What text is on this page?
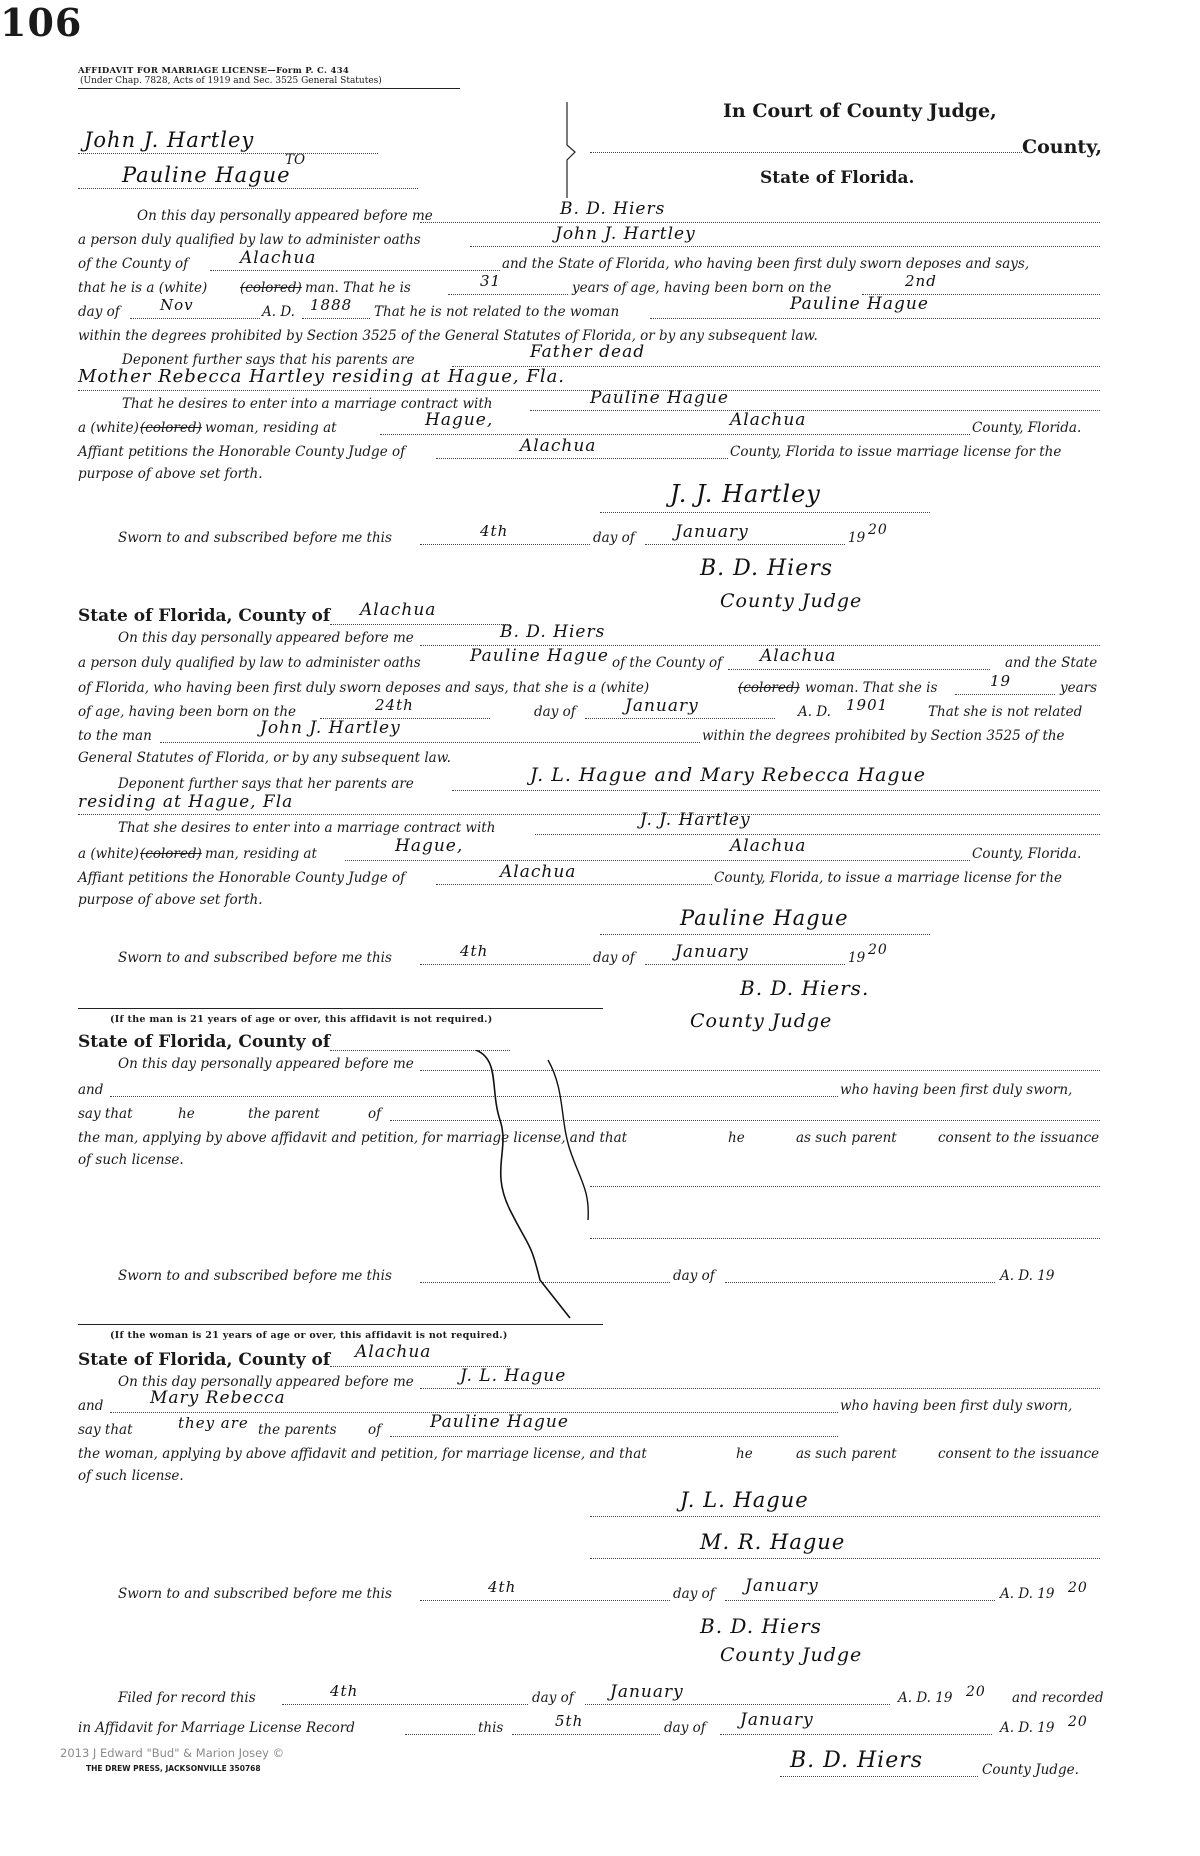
106
AFFIDAVIT FOR MARRIAGE LICENSE—Form P. C. 434
(Under Chap. 7828, Acts of 1919 and Sec. 3525 General Statutes)
In Court of County Judge,
County,
State of Florida.
John J. Hartley
TO
Pauline Hague
On this day personally appeared before me	B. D. Hiers
a person duly qualified by law to administer oaths	John J. Hartley
of the County of	Alachua	and the State of Florida, who having been first duly sworn deposes and says,
that he is a (white) (colored) man. That he is	31	years of age, having been born on the	2nd
day of	Nov	A. D. 1888 That he is not related to the woman	Pauline Hague
within the degrees prohibited by Section 3525 of the General Statutes of Florida, or by any subsequent law.
Deponent further says that his parents are	Father dead
Mother Rebecca Hartley residing at Hague, Fla.
That he desires to enter into a marriage contract with	Pauline Hague
a (white) (colored) woman, residing at	Hague,	Alachua	County, Florida.
Affiant petitions the Honorable County Judge of	Alachua	County, Florida to issue marriage license for the
purpose of above set forth.
J. J. Hartley
Sworn to and subscribed before me this	4th	day of January	19 20
B. D. Hiers
County Judge
State of Florida, County of Alachua
On this day personally appeared before me	B. D. Hiers
a person duly qualified by law to administer oaths	Pauline Hague of the County of Alachua	and the State
of Florida, who having been first duly sworn deposes and says, that she is a (white)	(colored) woman. That she is	19	years
of age, having been born on the	24th	day of	January	A. D. 1901	That she is not related
to the man	John J. Hartley	within the degrees prohibited by Section 3525 of the
General Statutes of Florida, or by any subsequent law.
Deponent further says that her parents are	J. L. Hague and Mary Rebecca Hague
residing at Hague, Fla
That she desires to enter into a marriage contract with	J. J. Hartley
a (white) (colored) man, residing at	Hague,	Alachua	County, Florida.
Affiant petitions the Honorable County Judge of	Alachua	County, Florida, to issue a marriage license for the
purpose of above set forth.
Pauline Hague
Sworn to and subscribed before me this	4th	day of January	19 20
B. D. Hiers.
County Judge
(If the man is 21 years of age or over, this affidavit is not required.)
State of Florida, County of
On this day personally appeared before me
and	who having been first duly sworn,
say that	he	the parent	of
the man, applying by above affidavit and petition, for marriage license, and that	he	as such parent	consent to the issuance
of such license.
Sworn to and subscribed before me this	day of	A. D. 19
(If the woman is 21 years of age or over, this affidavit is not required.)
State of Florida, County of Alachua
On this day personally appeared before me	J. L. Hague
and	Mary Rebecca	who having been first duly sworn,
say that	they are the parents of	Pauline Hague
the woman, applying by above affidavit and petition, for marriage license, and that	he	as such parent	consent to the issuance
of such license.
J. L. Hague
M. R. Hague
Sworn to and subscribed before me this	4th	day of January	A. D. 19 20
B. D. Hiers
County Judge
Filed for record this	4th	day of January	A. D. 19 20 and recorded
in Affidavit for Marriage License Record	this	5th	day of January	A. D. 19 20
B. D. Hiers	County Judge.
2013 J Edward "Bud" & Marion Josey ©
THE DREW PRESS, JACKSONVILLE 350768
